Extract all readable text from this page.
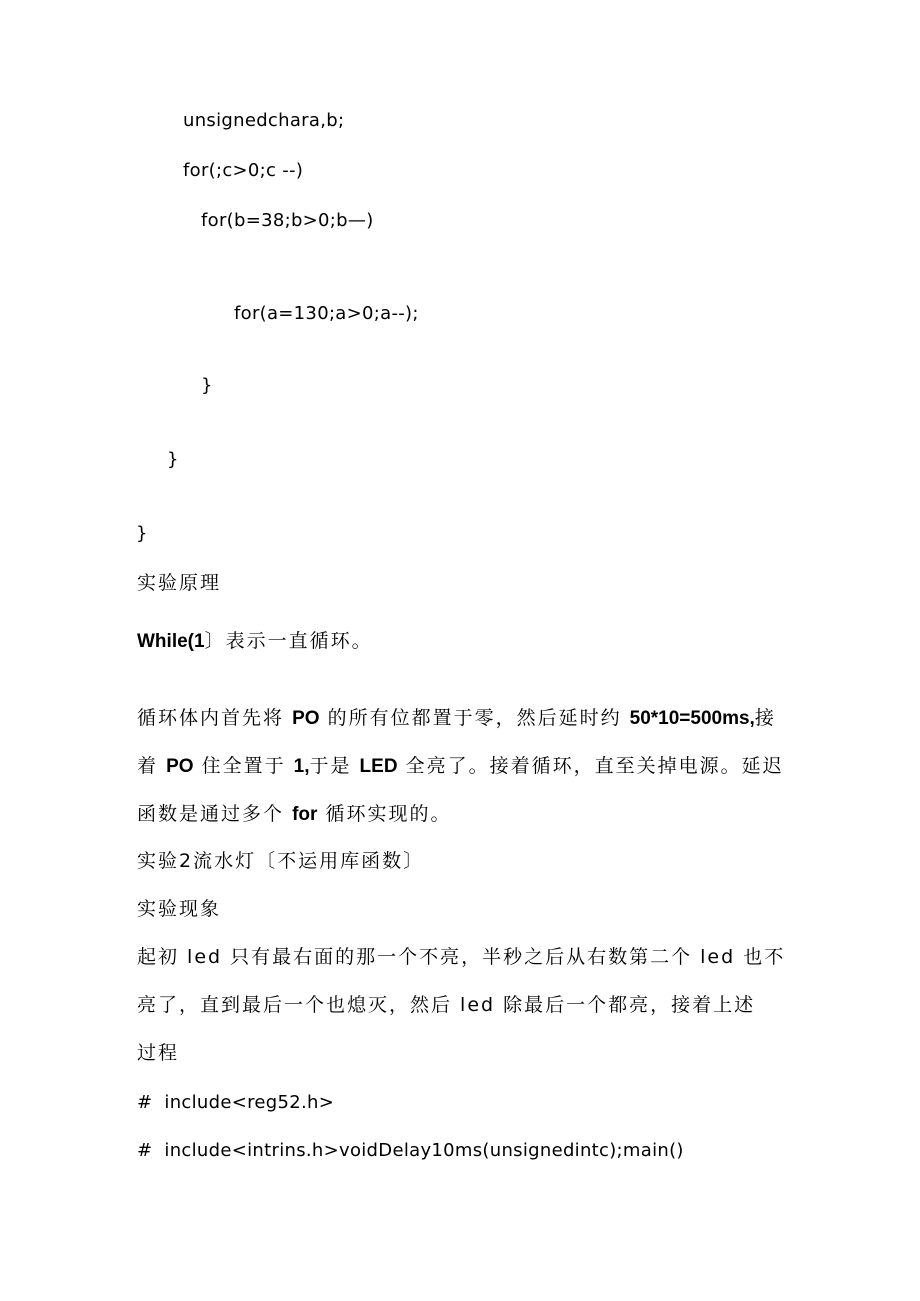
unsignedchara,b;
for(;c>0;c --)
for(b=38;b>0;b—)
for(a=130;a>0;a--);
}
}
}
实验原理
While(1〕表示一直循环。
循环体内首先将 PO 的所有位都置于零，然后延时约 50*10=500ms,接
着 PO 住全置于 1,于是 LED 全亮了。接着循环，直至关掉电源。延迟
函数是通过多个 for 循环实现的。
实验2流水灯〔不运用库函数〕
实验现象
起初 led 只有最右面的那一个不亮，半秒之后从右数第二个 led 也不
亮了，直到最后一个也熄灭，然后 led 除最后一个都亮，接着上述
过程
#  include<reg52.h>
#  include<intrins.h>voidDelay10ms(unsignedintc);main()
